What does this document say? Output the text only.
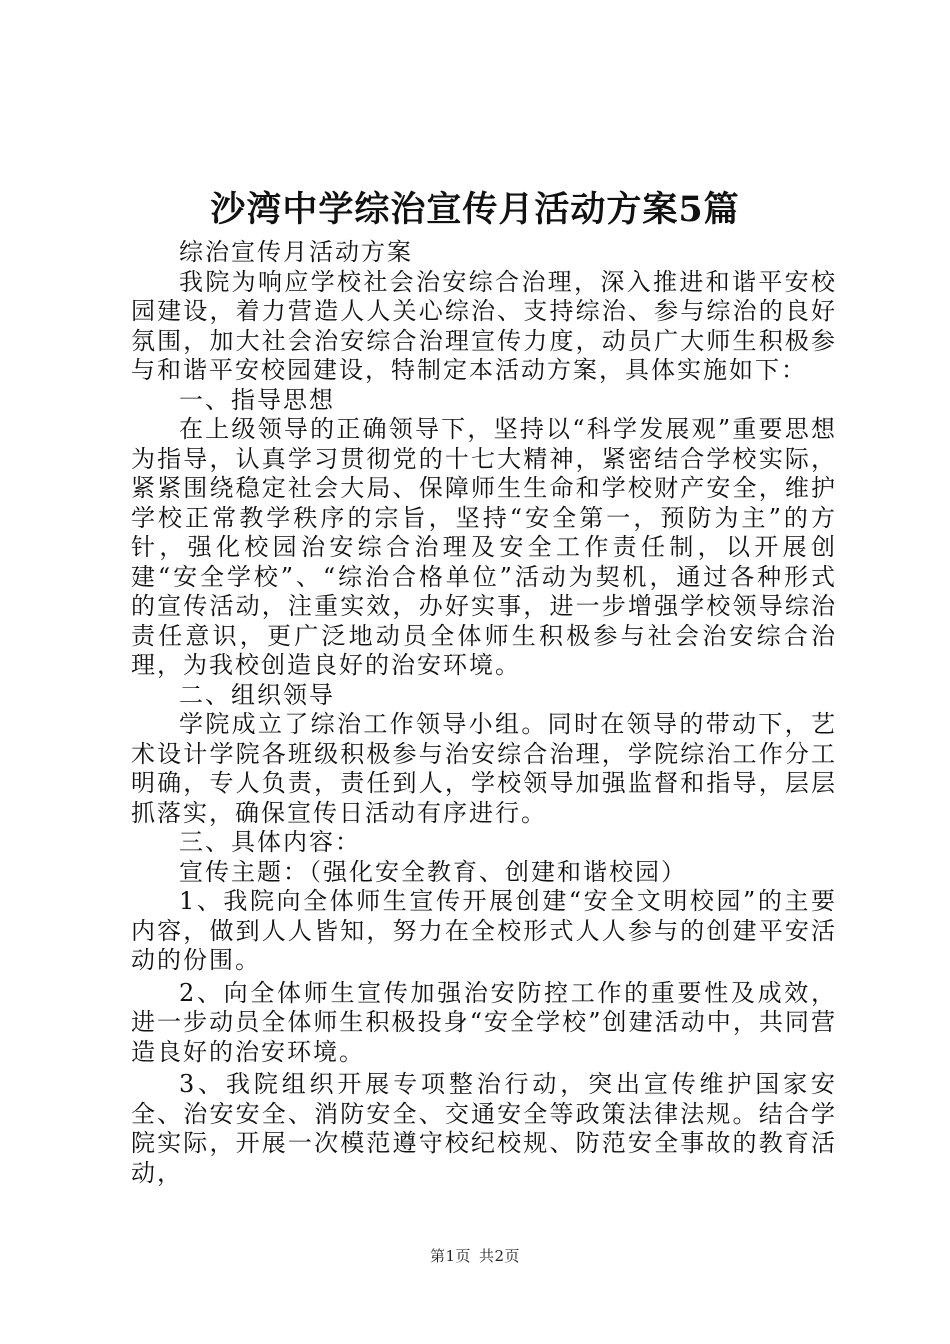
沙湾中学综治宣传月活动方案5篇

综治宣传月活动方案

我院为响应学校社会治安综合治理，深入推进和谐平安校园建设，着力营造人人关心综治、支持综治、参与综治的良好氛围，加大社会治安综合治理宣传力度，动员广大师生积极参与和谐平安校园建设，特制定本活动方案，具体实施如下：

一、指导思想

在上级领导的正确领导下，坚持以“科学发展观”重要思想为指导，认真学习贯彻党的十七大精神，紧密结合学校实际，紧紧围绕稳定社会大局、保障师生生命和学校财产安全，维护学校正常教学秩序的宗旨，坚持“安全第一，预防为主”的方针，强化校园治安综合治理及安全工作责任制，以开展创建“安全学校”、“综治合格单位”活动为契机，通过各种形式的宣传活动，注重实效，办好实事，进一步增强学校领导综治责任意识，更广泛地动员全体师生积极参与社会治安综合治理，为我校创造良好的治安环境。

二、组织领导

学院成立了综治工作领导小组。同时在领导的带动下，艺术设计学院各班级积极参与治安综合治理，学院综治工作分工明确，专人负责，责任到人，学校领导加强监督和指导，层层抓落实，确保宣传日活动有序进行。

三、具体内容：

宣传主题：（强化安全教育、创建和谐校园）

1、我院向全体师生宣传开展创建“安全文明校园”的主要内容，做到人人皆知，努力在全校形式人人参与的创建平安活动的份围。

2、向全体师生宣传加强治安防控工作的重要性及成效，进一步动员全体师生积极投身“安全学校”创建活动中，共同营造良好的治安环境。

3、我院组织开展专项整治行动，突出宣传维护国家安全、治安安全、消防安全、交通安全等政策法律法规。结合学院实际，开展一次模范遵守校纪校规、防范安全事故的教育活动，

第1页 共2页
